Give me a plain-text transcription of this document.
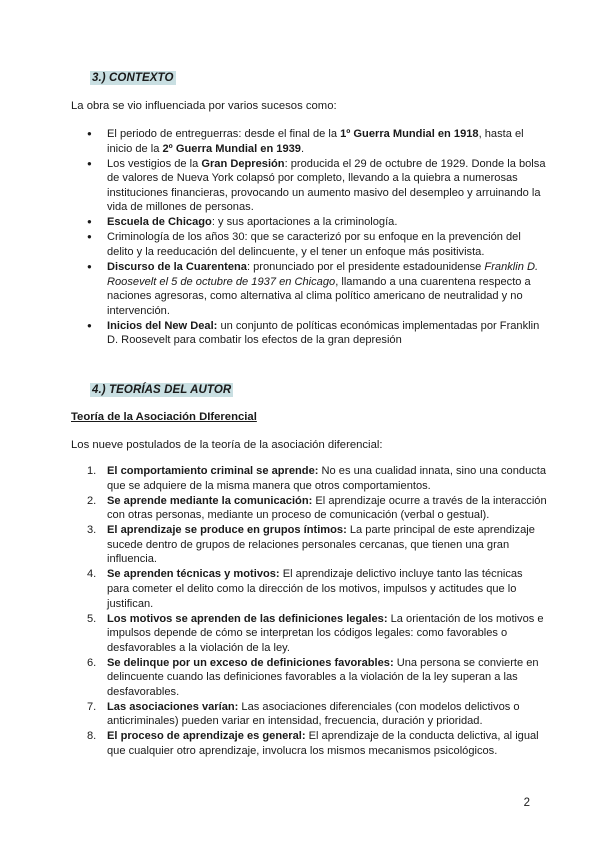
3.) CONTEXTO
La obra se vio influenciada por varios sucesos como:
● El periodo de entreguerras: desde el final de la 1º Guerra Mundial en 1918, hasta el inicio de la 2º Guerra Mundial en 1939.
● Los vestigios de la Gran Depresión: producida el 29 de octubre de 1929. Donde la bolsa de valores de Nueva York colapsó por completo, llevando a la quiebra a numerosas instituciones financieras, provocando un aumento masivo del desempleo y arruinando la vida de millones de personas.
● Escuela de Chicago: y sus aportaciones a la criminología.
● Criminología de los años 30: que se caracterizó por su enfoque en la prevención del delito y la reeducación del delincuente, y el tener un enfoque más positivista.
● Discurso de la Cuarentena: pronunciado por el presidente estadounidense Franklin D. Roosevelt el 5 de octubre de 1937 en Chicago, llamando a una cuarentena respecto a naciones agresoras, como alternativa al clima político americano de neutralidad y no intervención.
● Inicios del New Deal: un conjunto de políticas económicas implementadas por Franklin D. Roosevelt para combatir los efectos de la gran depresión
4.) TEORÍAS DEL AUTOR
Teoría de la Asociación DIferencial
Los nueve postulados de la teoría de la asociación diferencial:
1. El comportamiento criminal se aprende: No es una cualidad innata, sino una conducta que se adquiere de la misma manera que otros comportamientos.
2. Se aprende mediante la comunicación: El aprendizaje ocurre a través de la interacción con otras personas, mediante un proceso de comunicación (verbal o gestual).
3. El aprendizaje se produce en grupos íntimos: La parte principal de este aprendizaje sucede dentro de grupos de relaciones personales cercanas, que tienen una gran influencia.
4. Se aprenden técnicas y motivos: El aprendizaje delictivo incluye tanto las técnicas para cometer el delito como la dirección de los motivos, impulsos y actitudes que lo justifican.
5. Los motivos se aprenden de las definiciones legales: La orientación de los motivos e impulsos depende de cómo se interpretan los códigos legales: como favorables o desfavorables a la violación de la ley.
6. Se delinque por un exceso de definiciones favorables: Una persona se convierte en delincuente cuando las definiciones favorables a la violación de la ley superan a las desfavorables.
7. Las asociaciones varían: Las asociaciones diferenciales (con modelos delictivos o anticriminales) pueden variar en intensidad, frecuencia, duración y prioridad.
8. El proceso de aprendizaje es general: El aprendizaje de la conducta delictiva, al igual que cualquier otro aprendizaje, involucra los mismos mecanismos psicológicos.
2
